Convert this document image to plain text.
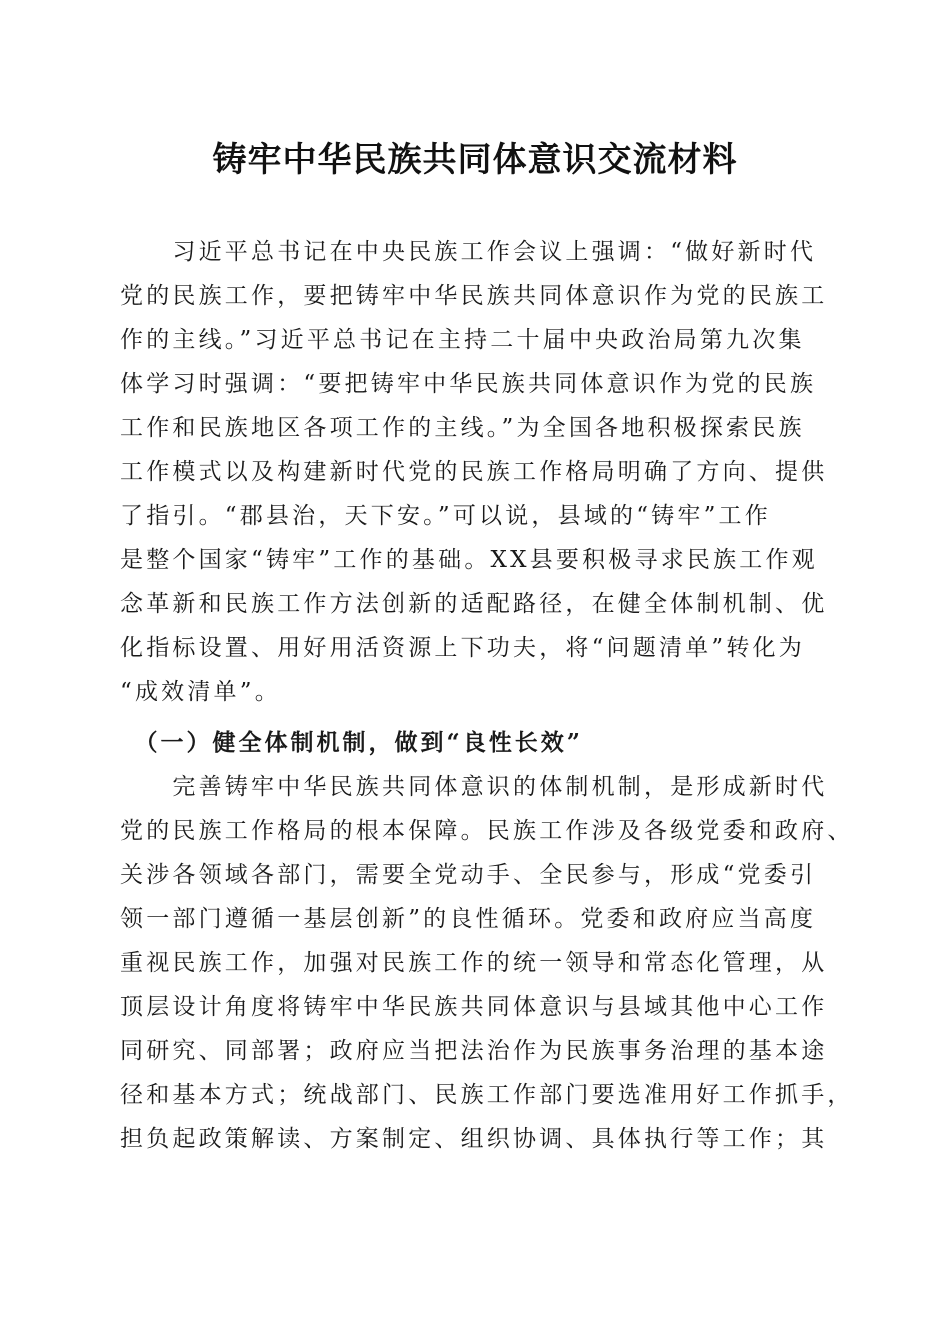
铸牢中华民族共同体意识交流材料
　　习近平总书记在中央民族工作会议上强调：“做好新时代
党的民族工作，要把铸牢中华民族共同体意识作为党的民族工
作的主线。”习近平总书记在主持二十届中央政治局第九次集
体学习时强调：“要把铸牢中华民族共同体意识作为党的民族
工作和民族地区各项工作的主线。”为全国各地积极探索民族
工作模式以及构建新时代党的民族工作格局明确了方向、提供
了指引。“郡县治，天下安。”可以说，县域的“铸牢”工作
是整个国家“铸牢”工作的基础。XX县要积极寻求民族工作观
念革新和民族工作方法创新的适配路径，在健全体制机制、优
化指标设置、用好用活资源上下功夫，将“问题清单”转化为
“成效清单”。
　（一）健全体制机制，做到“良性长效”
　　完善铸牢中华民族共同体意识的体制机制，是形成新时代
党的民族工作格局的根本保障。民族工作涉及各级党委和政府、
关涉各领域各部门，需要全党动手、全民参与，形成“党委引
领一部门遵循一基层创新”的良性循环。党委和政府应当高度
重视民族工作，加强对民族工作的统一领导和常态化管理，从
顶层设计角度将铸牢中华民族共同体意识与县域其他中心工作
同研究、同部署；政府应当把法治作为民族事务治理的基本途
径和基本方式；统战部门、民族工作部门要选准用好工作抓手，
担负起政策解读、方案制定、组织协调、具体执行等工作；其
